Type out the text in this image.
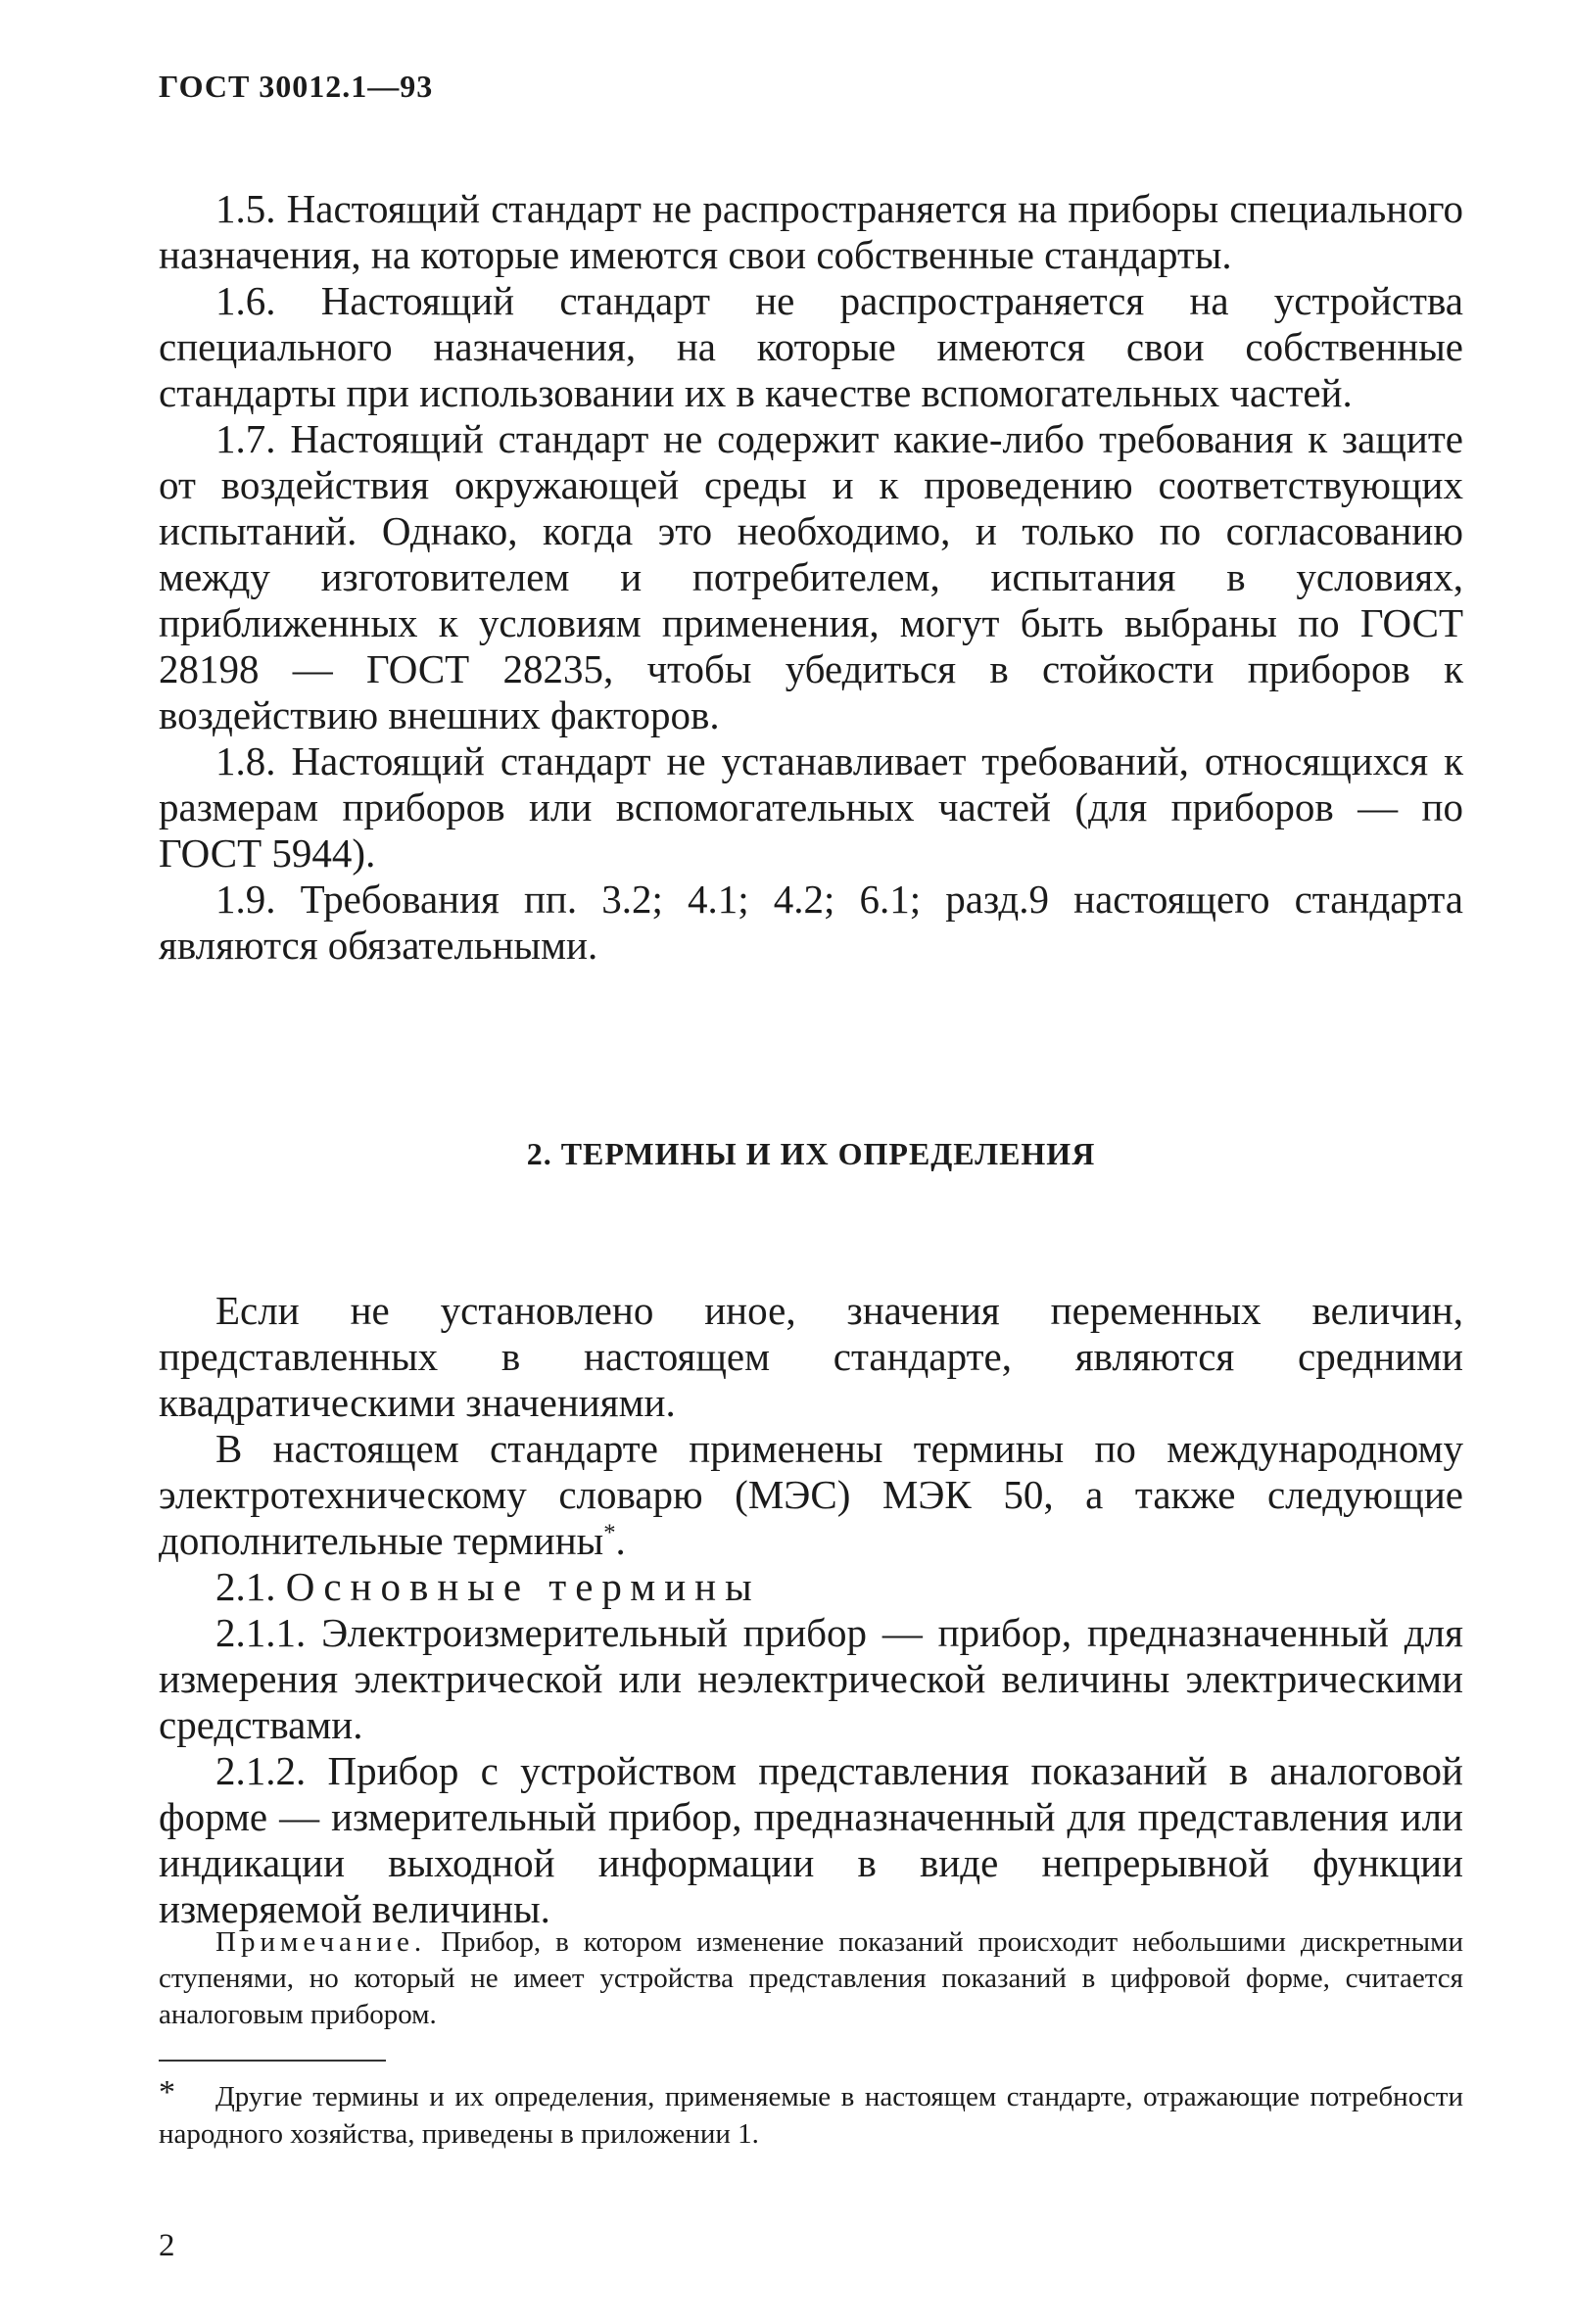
ГОСТ 30012.1—93

1.5. Настоящий стандарт не распространяется на приборы специального назначения, на которые имеются свои собственные стандарты.

1.6. Настоящий стандарт не распространяется на устройства специального назначения, на которые имеются свои собственные стандарты при использовании их в качестве вспомогательных частей.

1.7. Настоящий стандарт не содержит какие-либо требования к защите от воздействия окружающей среды и к проведению соответствующих испытаний. Однако, когда это необходимо, и только по согласованию между изготовителем и потребителем, испытания в условиях, приближенных к условиям применения, могут быть выбраны по ГОСТ 28198 — ГОСТ 28235, чтобы убедиться в стойкости приборов к воздействию внешних факторов.

1.8. Настоящий стандарт не устанавливает требований, относящихся к размерам приборов или вспомогательных частей (для приборов — по ГОСТ 5944).

1.9. Требования пп. 3.2; 4.1; 4.2; 6.1; разд.9 настоящего стандарта являются обязательными.

2. ТЕРМИНЫ И ИХ ОПРЕДЕЛЕНИЯ

Если не установлено иное, значения переменных величин, представленных в настоящем стандарте, являются средними квадратическими значениями.

В настоящем стандарте применены термины по международному электротехническому словарю (МЭС) МЭК 50, а также следующие дополнительные термины*.

2.1. Основные термины

2.1.1. Электроизмерительный прибор — прибор, предназначенный для измерения электрической или неэлектрической величины электрическими средствами.

2.1.2. Прибор с устройством представления показаний в аналоговой форме — измерительный прибор, предназначенный для представления или индикации выходной информации в виде непрерывной функции измеряемой величины.

Примечание. Прибор, в котором изменение показаний происходит небольшими дискретными ступенями, но который не имеет устройства представления показаний в цифровой форме, считается аналоговым прибором.

* Другие термины и их определения, применяемые в настоящем стандарте, отражающие потребности народного хозяйства, приведены в приложении 1.

2
